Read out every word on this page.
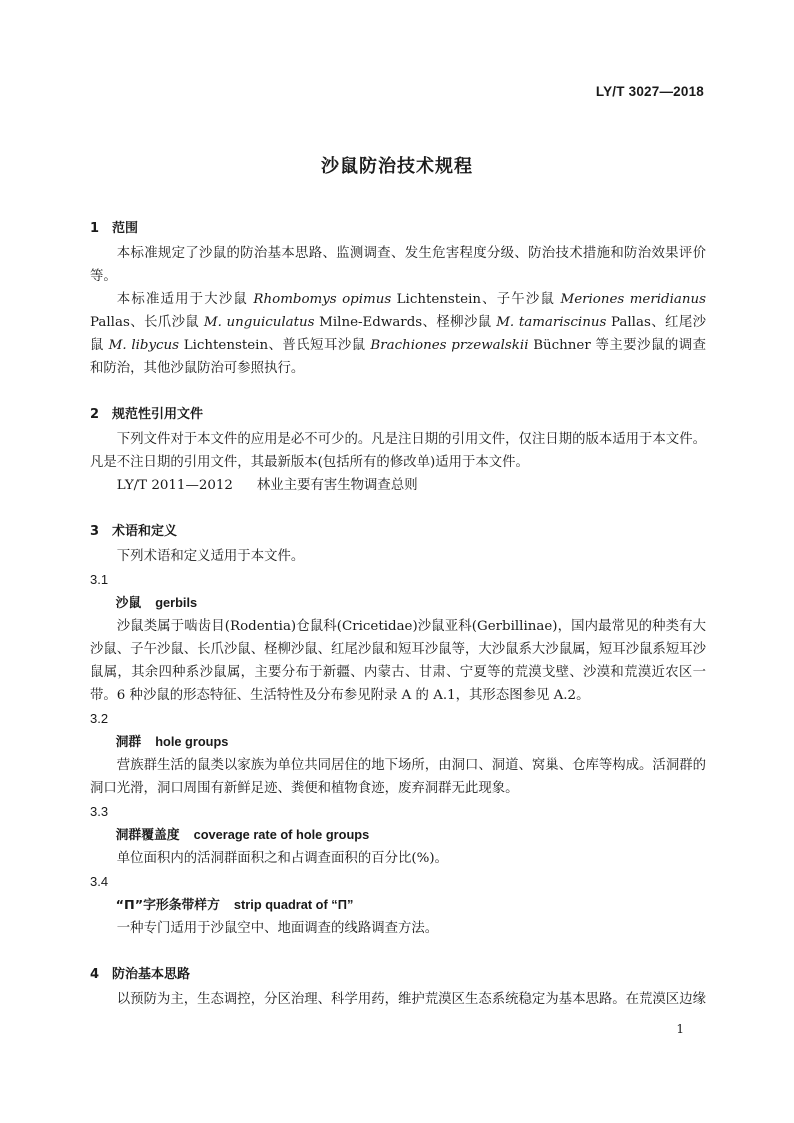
LY/T 3027—2018
沙鼠防治技术规程
1 范围

本标准规定了沙鼠的防治基本思路、监测调查、发生危害程度分级、防治技术措施和防治效果评价等。

本标准适用于大沙鼠 Rhombomys opimus Lichtenstein、子午沙鼠 Meriones meridianus Pallas、长爪沙鼠 M. unguiculatus Milne-Edwards、柽柳沙鼠 M. tamariscinus Pallas、红尾沙鼠 M. libycus Lichtenstein、普氏短耳沙鼠 Brachiones przewalskii Büchner 等主要沙鼠的调查和防治，其他沙鼠防治可参照执行。

2 规范性引用文件

下列文件对于本文件的应用是必不可少的。凡是注日期的引用文件，仅注日期的版本适用于本文件。凡是不注日期的引用文件，其最新版本(包括所有的修改单)适用于本文件。

LY/T 2011—2012 林业主要有害生物调查总则

3 术语和定义

下列术语和定义适用于本文件。

3.1

沙鼠 gerbils

沙鼠类属于啮齿目(Rodentia)仓鼠科(Cricetidae)沙鼠亚科(Gerbillinae)，国内最常见的种类有大沙鼠、子午沙鼠、长爪沙鼠、柽柳沙鼠、红尾沙鼠和短耳沙鼠等，大沙鼠系大沙鼠属，短耳沙鼠系短耳沙鼠属，其余四种系沙鼠属，主要分布于新疆、内蒙古、甘肃、宁夏等的荒漠戈壁、沙漠和荒漠近农区一带。6 种沙鼠的形态特征、生活特性及分布参见附录 A 的 A.1，其形态图参见 A.2。

3.2

洞群 hole groups

营族群生活的鼠类以家族为单位共同居住的地下场所，由洞口、洞道、窝巢、仓库等构成。活洞群的洞口光滑，洞口周围有新鲜足迹、粪便和植物食迹，废弃洞群无此现象。

3.3

洞群覆盖度 coverage rate of hole groups

单位面积内的活洞群面积之和占调查面积的百分比(%)。

3.4

“Π”字形条带样方 strip quadrat of “Π”

一种专门适用于沙鼠空中、地面调查的线路调查方法。

4 防治基本思路

以预防为主，生态调控，分区治理、科学用药，维护荒漠区生态系统稳定为基本思路。在荒漠区边缘

1
